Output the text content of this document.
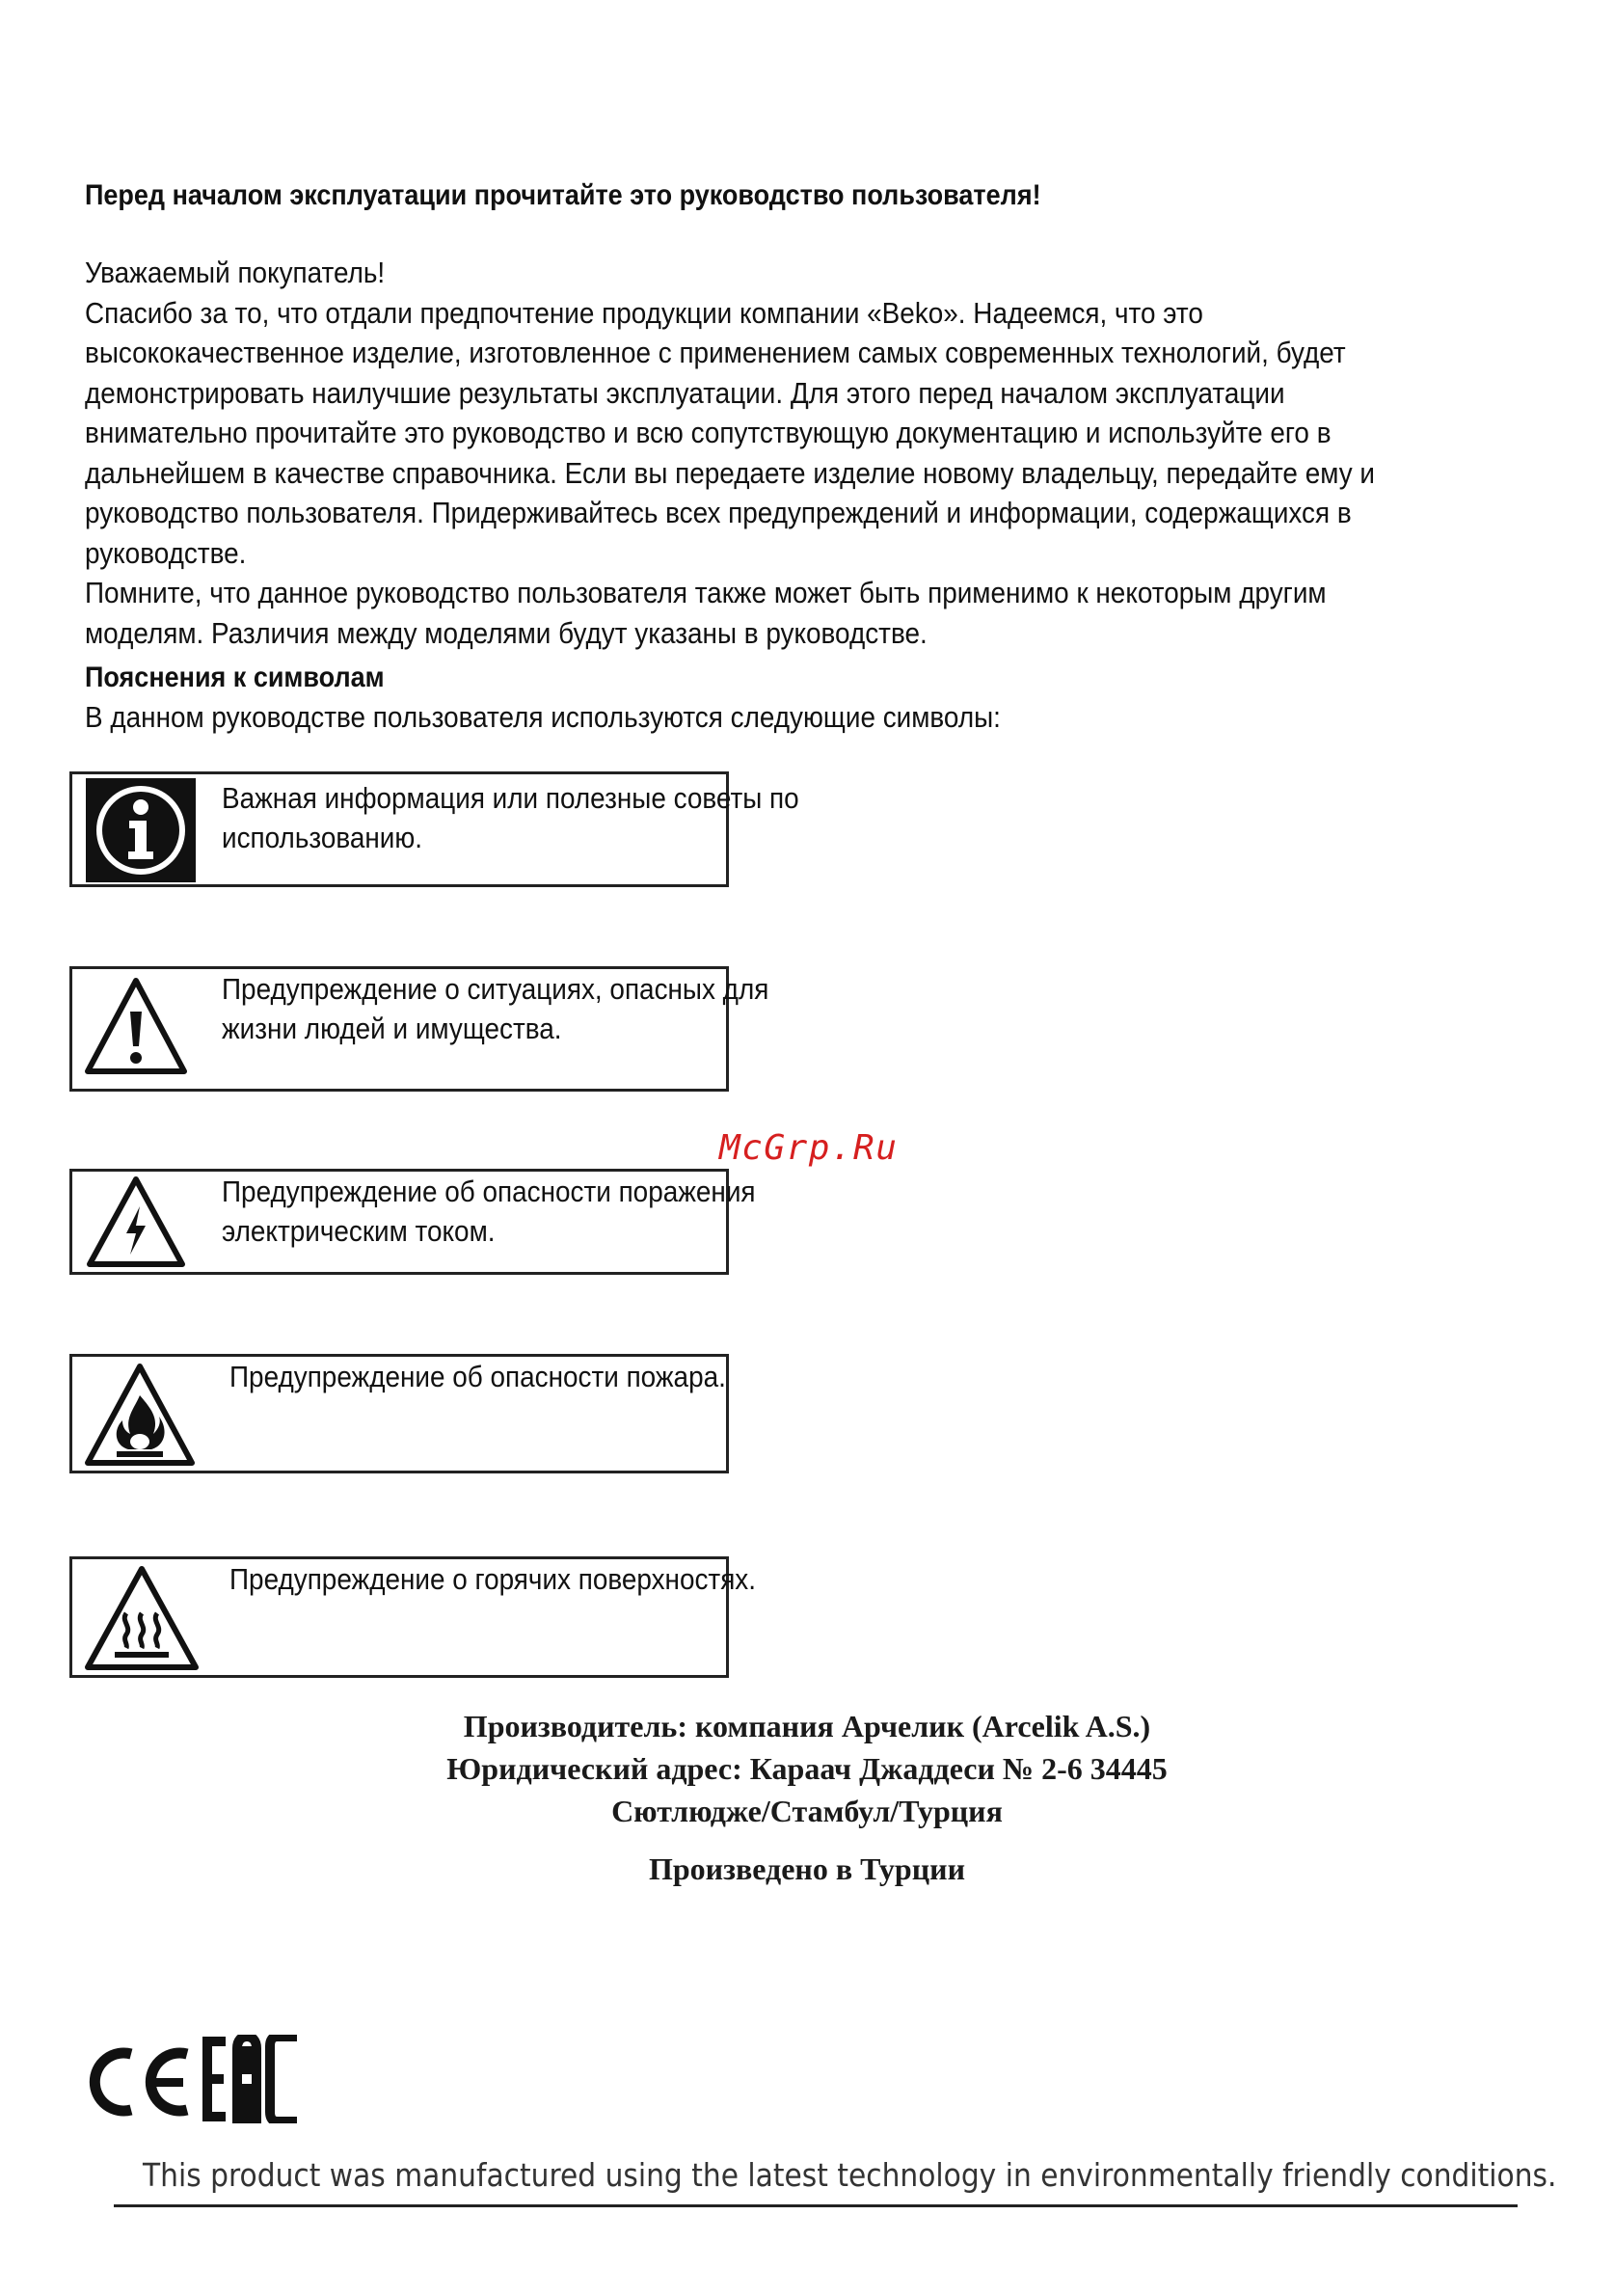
Перед началом эксплуатации прочитайте это руководство пользователя!

Уважаемый покупатель!

Спасибо за то, что отдали предпочтение продукции компании «Beko». Надеемся, что это высококачественное изделие, изготовленное с применением самых современных технологий, будет демонстрировать наилучшие результаты эксплуатации. Для этого перед началом эксплуатации внимательно прочитайте это руководство и всю сопутствующую документацию и используйте его в дальнейшем в качестве справочника. Если вы передаете изделие новому владельцу, передайте ему и руководство пользователя. Придерживайтесь всех предупреждений и информации, содержащихся в руководстве.

Помните, что данное руководство пользователя также может быть применимо к некоторым другим моделям. Различия между моделями будут указаны в руководстве.

Пояснения к символам
В данном руководстве пользователя используются следующие символы:
Важная информация или полезные советы по использованию.
Предупреждение о ситуациях, опасных для жизни людей и имущества.
Предупреждение об опасности поражения электрическим током.
Предупреждение об опасности пожара.
Предупреждение о горячих поверхностях.
McGrp.Ru
Производитель: компания Арчелик (Arcelik A.S.)
Юридический адрес: Караач Джаддеси № 2-6 34445
Сютлюдже/Стамбул/Турция
Произведено в Турции
This product was manufactured using the latest technology in environmentally friendly conditions.
